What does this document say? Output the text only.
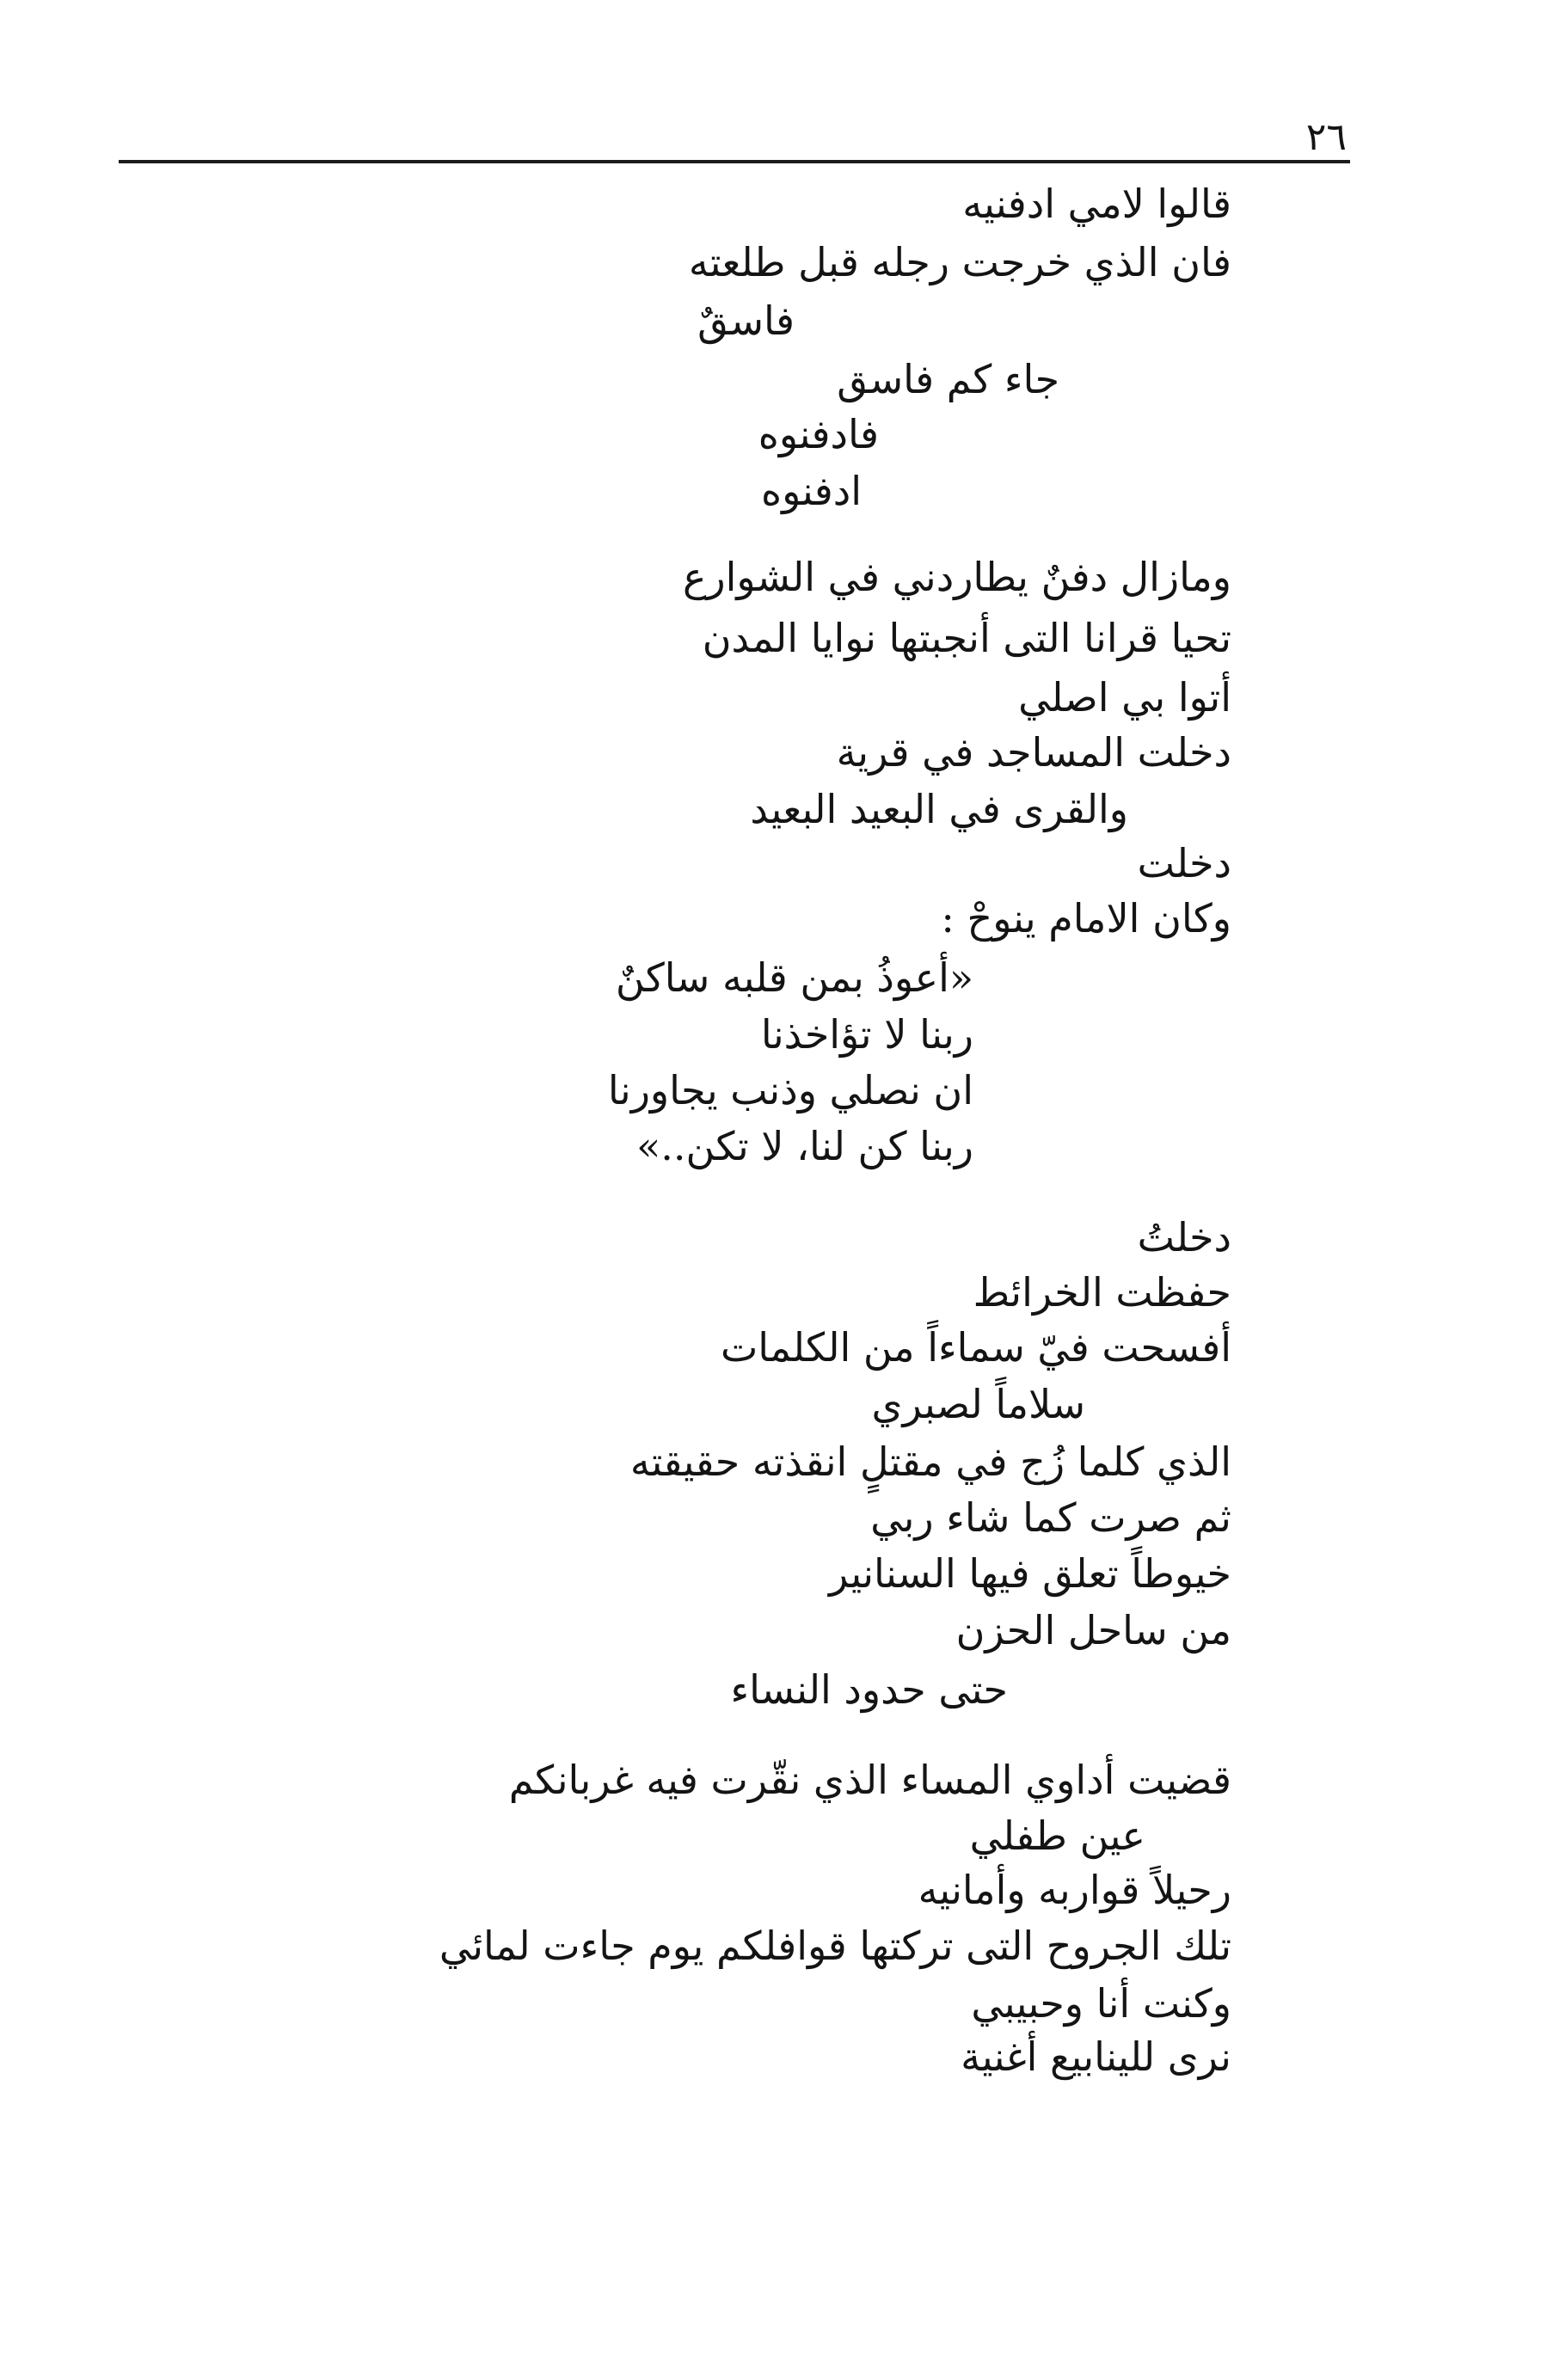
٢٦
قالوا لامي ادفنيه
فان الذي خرجت رجله قبل طلعته
فاسقٌ
جاء كم فاسق
فادفنوه
ادفنوه
ومازال دفنٌ يطاردني في الشوارع
تحيا قرانا التى أنجبتها نوايا المدن
أتوا بي اصلي
دخلت المساجد في قرية
والقرى في البعيد البعيد
دخلت
وكان الامام ينوحْ :
«أعوذُ بمن قلبه ساكنٌ
ربنا لا تؤاخذنا
ان نصلي وذنب يجاورنا
ربنا كن لنا، لا تكن..»
دخلتُ
حفظت الخرائط
أفسحت فيّ سماءاً من الكلمات
سلاماً لصبري
الذي كلما زُج في مقتلٍ انقذته حقيقته
ثم صرت كما شاء ربي
خيوطاً تعلق فيها السنانير
من ساحل الحزن
حتى حدود النساء
قضيت أداوي المساء الذي نقّرت فيه غربانكم
عين طفلي
رحيلاً قواربه وأمانيه
تلك الجروح التى تركتها قوافلكم يوم جاءت لمائي
وكنت أنا وحبيبي
نرى للينابيع أغنية
